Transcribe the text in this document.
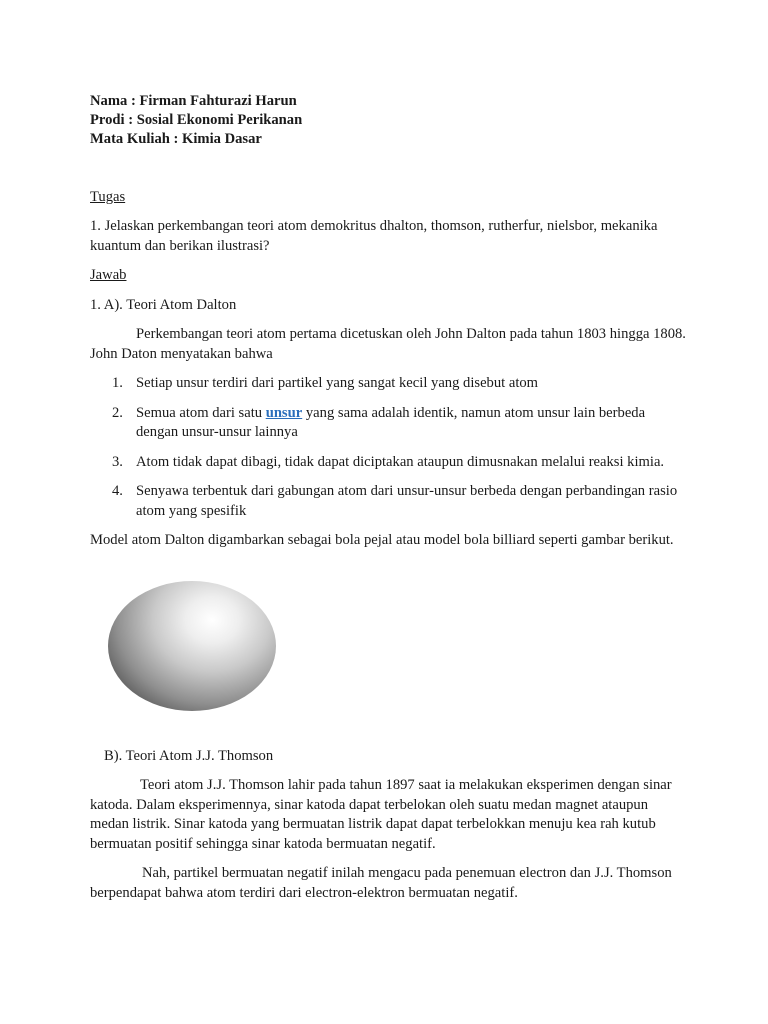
Nama : Firman Fahturazi Harun

Prodi : Sosial Ekonomi Perikanan

Mata Kuliah : Kimia Dasar

Tugas

1. Jelaskan perkembangan teori atom demokritus dhalton, thomson, rutherfur, nielsbor, mekanika kuantum dan berikan ilustrasi?

Jawab

1. A). Teori Atom Dalton

Perkembangan teori atom pertama dicetuskan oleh John Dalton pada tahun 1803 hingga 1808. John Daton menyatakan bahwa

1. Setiap unsur terdiri dari partikel yang sangat kecil yang disebut atom
2. Semua atom dari satu unsur yang sama adalah identik, namun atom unsur lain berbeda dengan unsur-unsur lainnya
3. Atom tidak dapat dibagi, tidak dapat diciptakan ataupun dimusnakan melalui reaksi kimia.
4. Senyawa terbentuk dari gabungan atom dari unsur-unsur berbeda dengan perbandingan rasio atom yang spesifik

Model atom Dalton digambarkan sebagai bola pejal atau model bola billiard seperti gambar berikut.

B). Teori Atom J.J. Thomson

Teori atom J.J. Thomson lahir pada tahun 1897 saat ia melakukan eksperimen dengan sinar katoda. Dalam eksperimennya, sinar katoda dapat terbelokan oleh suatu medan magnet ataupun medan listrik. Sinar katoda yang bermuatan listrik dapat dapat terbelokkan menuju kea rah kutub bermuatan positif sehingga sinar katoda bermuatan negatif.

Nah, partikel bermuatan negatif inilah mengacu pada penemuan electron dan J.J. Thomson berpendapat bahwa atom terdiri dari electron-elektron bermuatan negatif.
